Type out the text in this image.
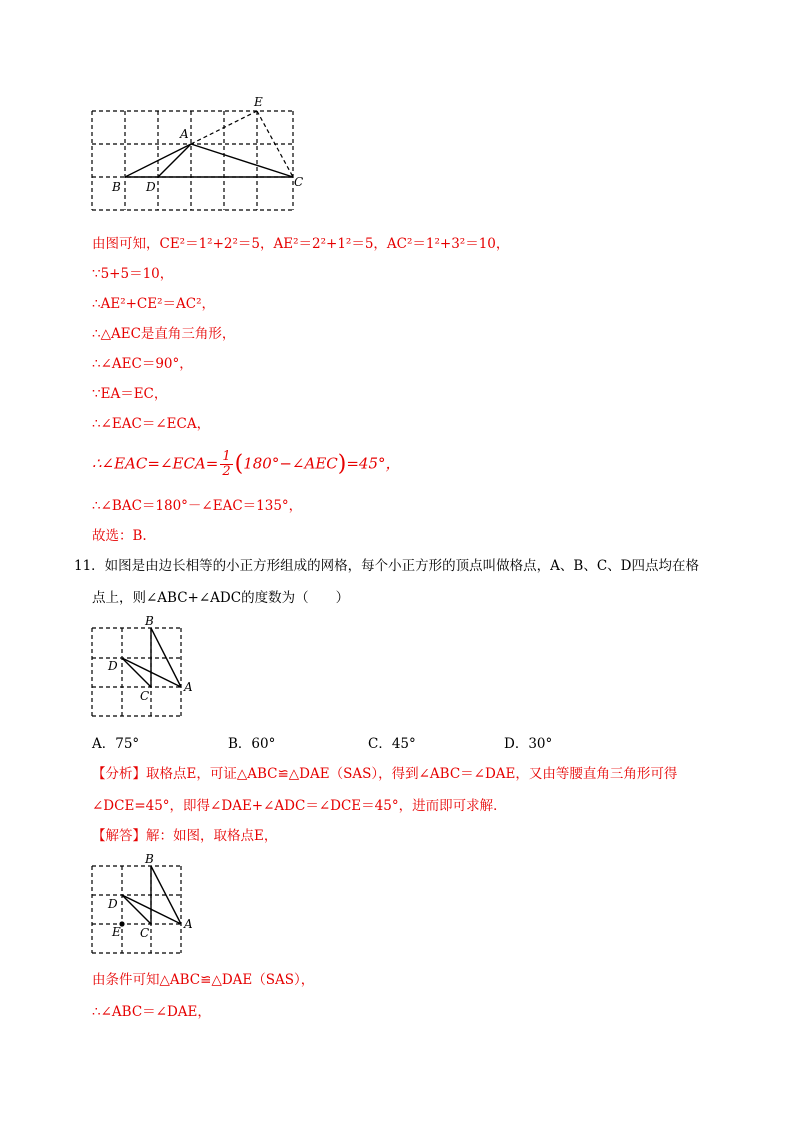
E
A
B D	C
由图可知，CE²＝1²+2²＝5，AE²＝2²+1²＝5，AC²＝1²+3²＝10，
∵5+5＝10，
∴AE²+CE²＝AC²，
∴△AEC是直角三角形，
∴∠AEC＝90°，
∵EA＝EC，
∴∠EAC＝∠ECA，
∴∠EAC=∠ECA= $\frac{1}{2}$ (180°−∠AEC)=45°，
∴∠BAC＝180°－∠EAC＝135°，
故选：B.
11．如图是由边长相等的小正方形组成的网格，每个小正方形的顶点叫做格点，A、B、C、D四点均在格
点上，则∠ABC+∠ADC的度数为（　　）
B
D
C
A
A．75°	B．60°	C．45°	D．30°
【分析】取格点E，可证△ABC≌△DAE（SAS），得到∠ABC＝∠DAE，又由等腰直角三角形可得
∠DCE=45°，即得∠DAE+∠ADC＝∠DCE＝45°，进而即可求解．
【解答】解：如图，取格点E，
B
D
E C
A
由条件可知△ABC≌△DAE（SAS），
∴∠ABC＝∠DAE，
